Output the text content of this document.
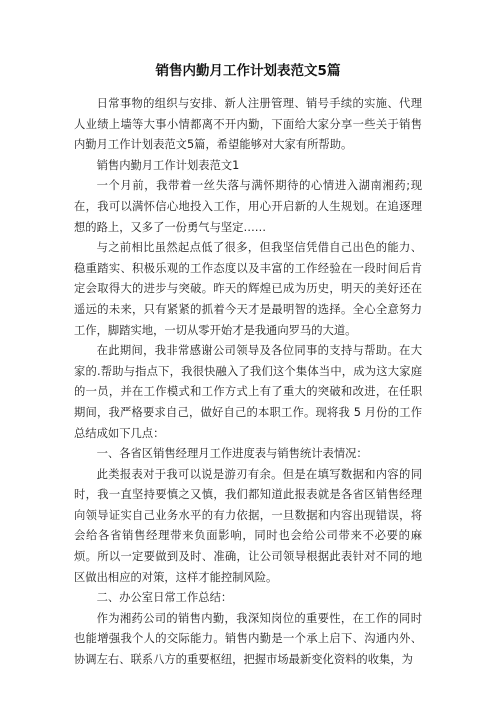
销售内勤月工作计划表范文5篇

日常事物的组织与安排、新人注册管理、销号手续的实施、代理人业绩上墙等大事小情都离不开内勤，下面给大家分享一些关于销售内勤月工作计划表范文5篇，希望能够对大家有所帮助。

销售内勤月工作计划表范文1

一个月前，我带着一丝失落与满怀期待的心情进入湖南湘药;现在，我可以满怀信心地投入工作，用心开启新的人生规划。在追逐理想的路上，又多了一份勇气与坚定……

与之前相比虽然起点低了很多，但我坚信凭借自己出色的能力、稳重踏实、积极乐观的工作态度以及丰富的工作经验在一段时间后肯定会取得大的进步与突破。昨天的辉煌已成为历史，明天的美好还在遥远的未来，只有紧紧的抓着今天才是最明智的选择。全心全意努力工作，脚踏实地，一切从零开始才是我通向罗马的大道。

在此期间，我非常感谢公司领导及各位同事的支持与帮助。在大家的.帮助与指点下，我很快融入了我们这个集体当中，成为这大家庭的一员，并在工作模式和工作方式上有了重大的突破和改进，在任职期间，我严格要求自己，做好自己的本职工作。现将我 5 月份的工作总结成如下几点：

一、各省区销售经理月工作进度表与销售统计表情况：

此类报表对于我可以说是游刃有余。但是在填写数据和内容的同时，我一直坚持要慎之又慎，我们都知道此报表就是各省区销售经理向领导证实自己业务水平的有力依据，一旦数据和内容出现错误，将会给各省销售经理带来负面影响，同时也会给公司带来不必要的麻烦。所以一定要做到及时、准确，让公司领导根据此表针对不同的地区做出相应的对策，这样才能控制风险。

二、办公室日常工作总结：

作为湘药公司的销售内勤，我深知岗位的重要性，在工作的同时也能增强我个人的交际能力。销售内勤是一个承上启下、沟通内外、协调左右、联系八方的重要枢纽，把握市场最新变化资料的收集，为
